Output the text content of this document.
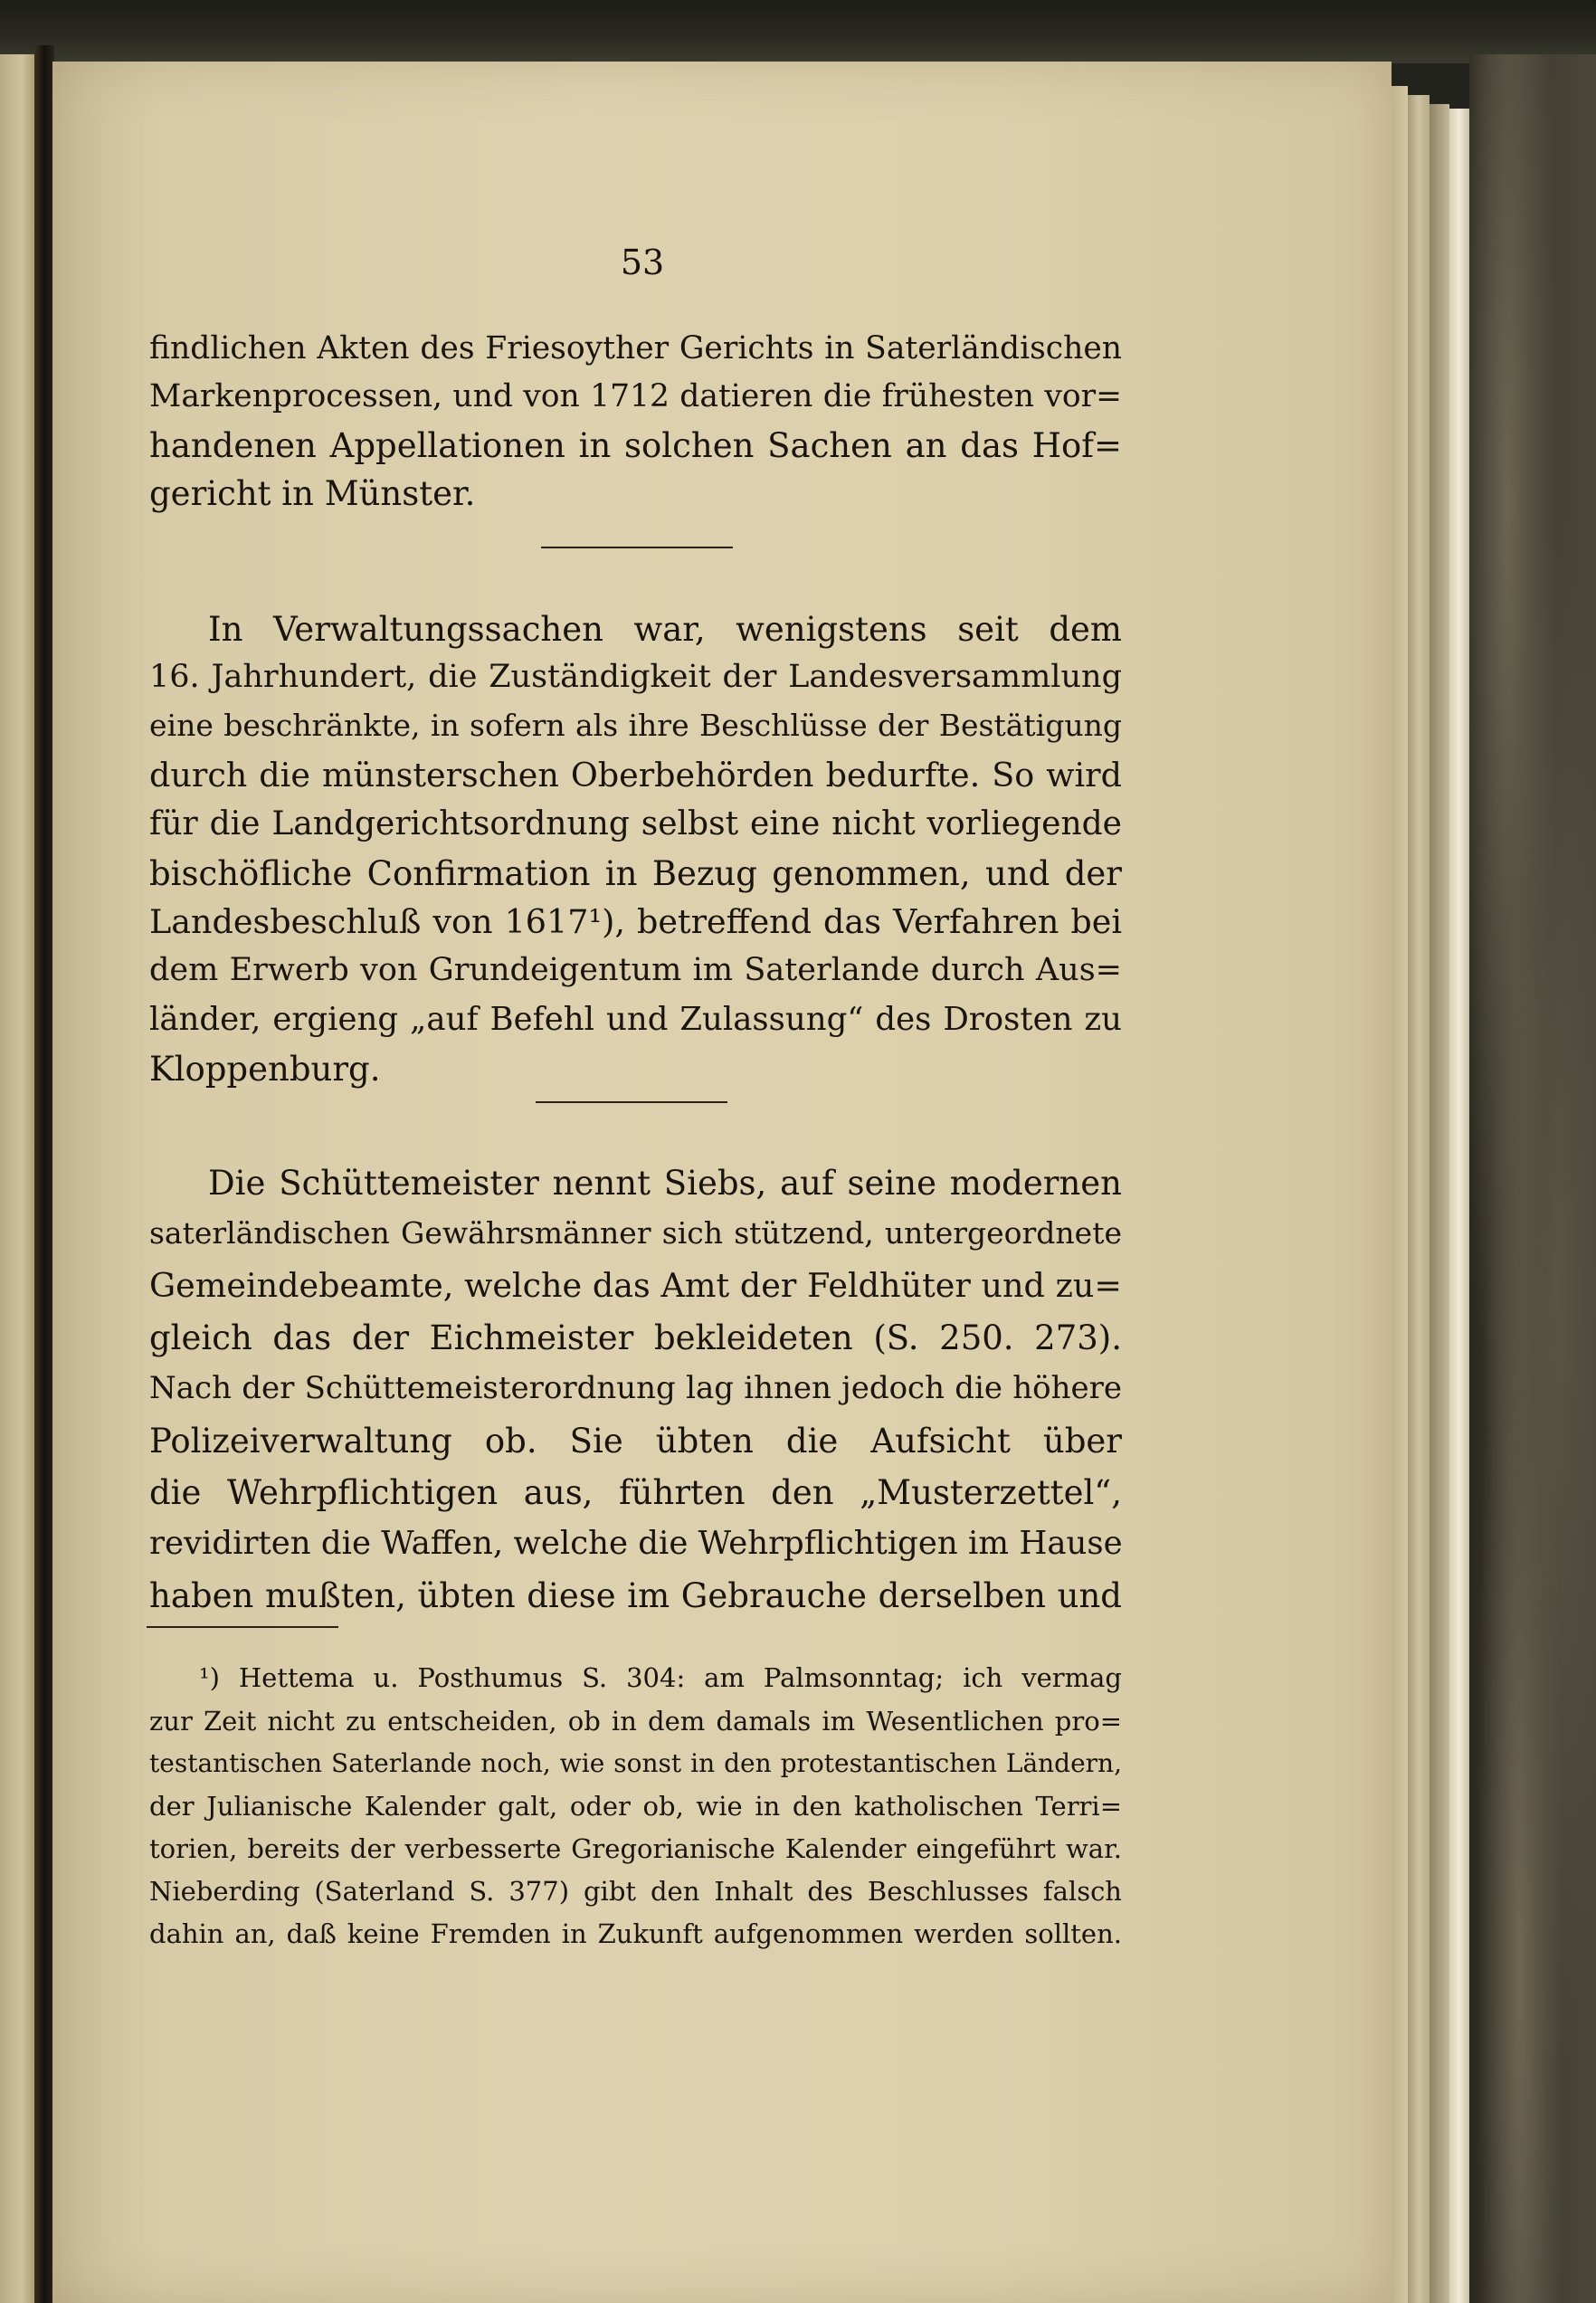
53
findlichen Akten des Friesoyther Gerichts in Saterländischen
Markenprocessen, und von 1712 datieren die frühesten vor=
handenen Appellationen in solchen Sachen an das Hof=
gericht in Münster.
In Verwaltungssachen war, wenigstens seit dem
16. Jahrhundert, die Zuständigkeit der Landesversammlung
eine beschränkte, in sofern als ihre Beschlüsse der Bestätigung
durch die münsterschen Oberbehörden bedurfte. So wird
für die Landgerichtsordnung selbst eine nicht vorliegende
bischöfliche Confirmation in Bezug genommen, und der
Landesbeschluß von 1617¹), betreffend das Verfahren bei
dem Erwerb von Grundeigentum im Saterlande durch Aus=
länder, ergieng „auf Befehl und Zulassung“ des Drosten zu
Kloppenburg.
Die Schüttemeister nennt Siebs, auf seine modernen
saterländischen Gewährsmänner sich stützend, untergeordnete
Gemeindebeamte, welche das Amt der Feldhüter und zu=
gleich das der Eichmeister bekleideten (S. 250. 273).
Nach der Schüttemeisterordnung lag ihnen jedoch die höhere
Polizeiverwaltung ob. Sie übten die Aufsicht über
die Wehrpflichtigen aus, führten den „Musterzettel“,
revidirten die Waffen, welche die Wehrpflichtigen im Hause
haben mußten, übten diese im Gebrauche derselben und
¹) Hettema u. Posthumus S. 304: am Palmsonntag; ich vermag
zur Zeit nicht zu entscheiden, ob in dem damals im Wesentlichen pro=
testantischen Saterlande noch, wie sonst in den protestantischen Ländern,
der Julianische Kalender galt, oder ob, wie in den katholischen Terri=
torien, bereits der verbesserte Gregorianische Kalender eingeführt war.
Nieberding (Saterland S. 377) gibt den Inhalt des Beschlusses falsch
dahin an, daß keine Fremden in Zukunft aufgenommen werden sollten.
